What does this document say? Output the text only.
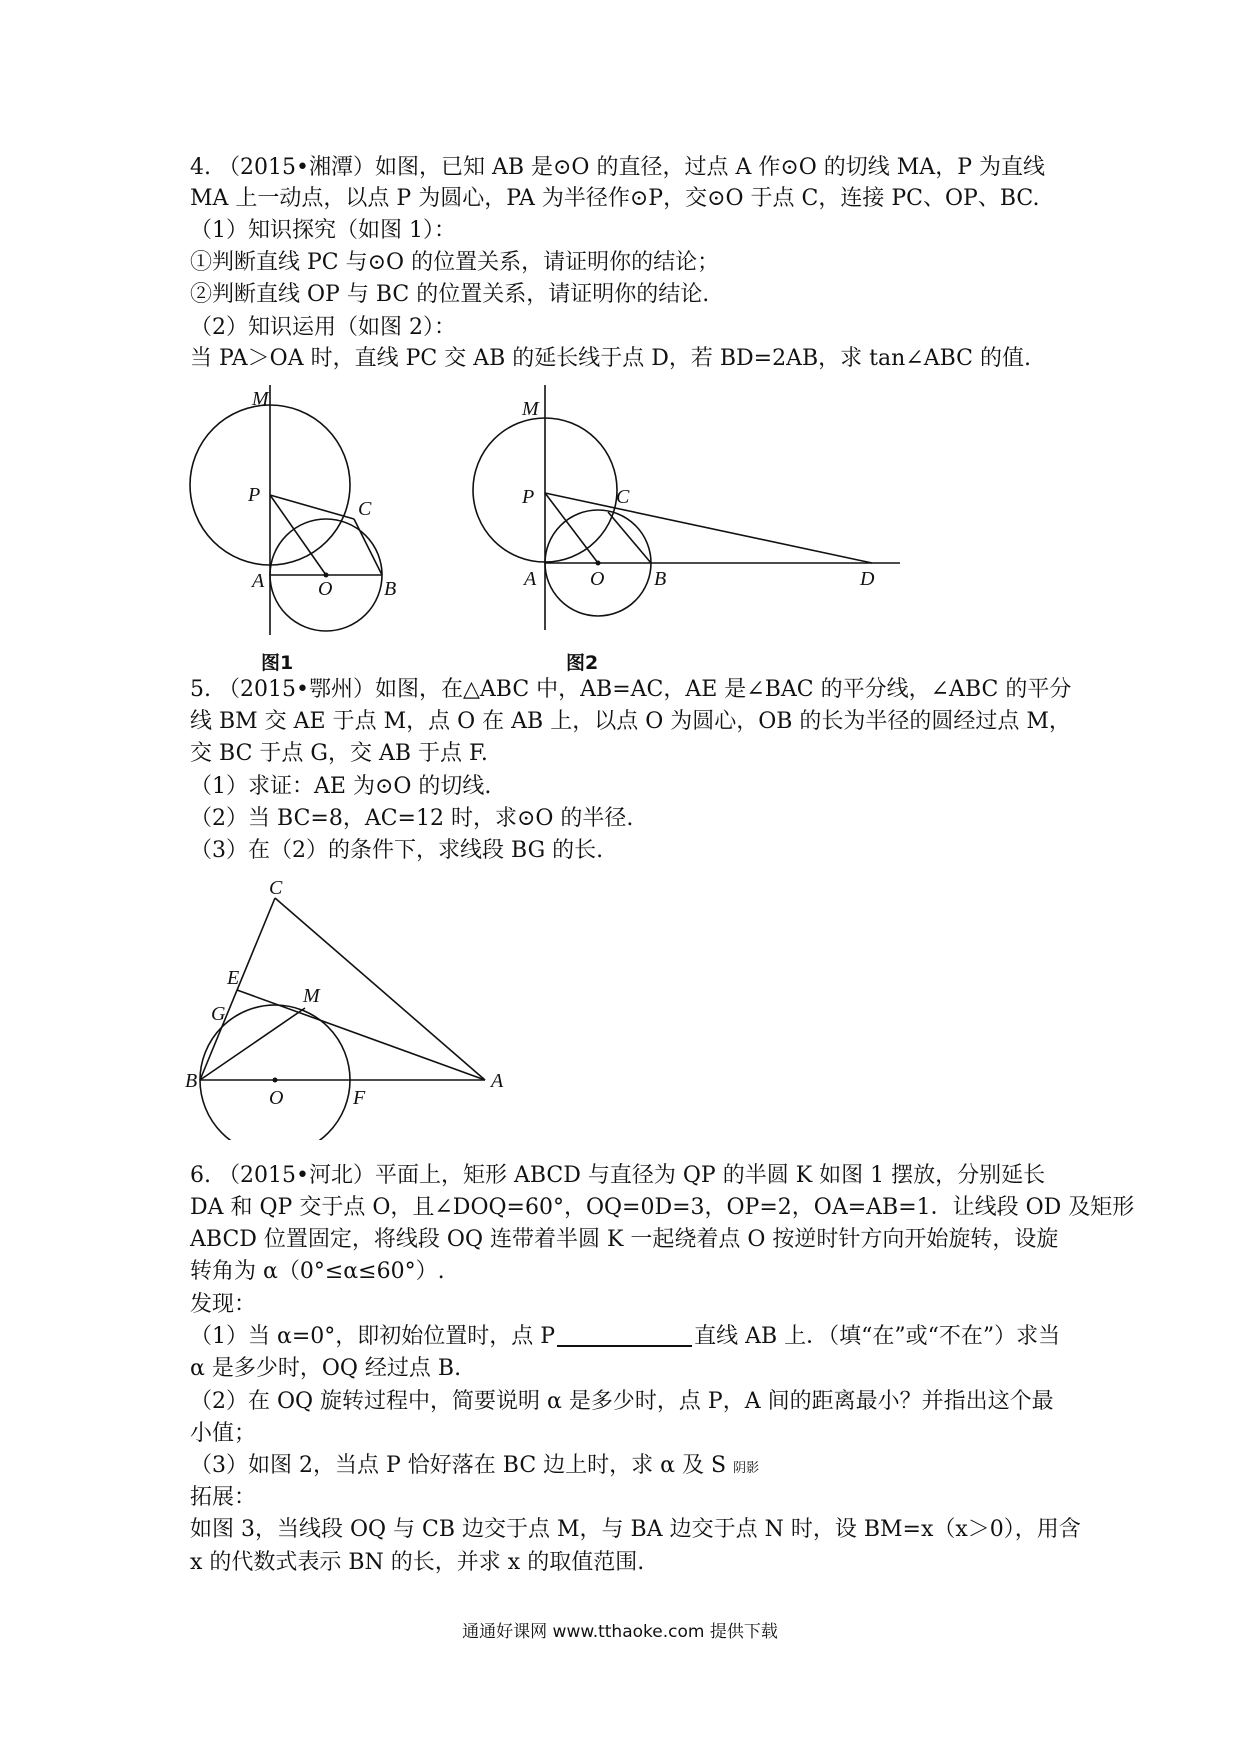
4. （2015•湘潭）如图，已知 AB 是⊙O 的直径，过点 A 作⊙O 的切线 MA，P 为直线
MA 上一动点，以点 P 为圆心，PA 为半径作⊙P，交⊙O 于点 C，连接 PC、OP、BC.
（1）知识探究（如图 1）：
①判断直线 PC 与⊙O 的位置关系，请证明你的结论；
②判断直线 OP 与 BC 的位置关系，请证明你的结论.
（2）知识运用（如图 2）：
当 PA＞OA 时，直线 PC 交 AB 的延长线于点 D，若 BD=2AB，求 tan∠ABC 的值.
M
P
C
A	O	B
图1
M
P	C
A	O B	D
图2
5. （2015•鄂州）如图，在△ABC 中，AB=AC，AE 是∠BAC 的平分线，∠ABC 的平分
线 BM 交 AE 于点 M，点 O 在 AB 上，以点 O 为圆心，OB 的长为半径的圆经过点 M，
交 BC 于点 G，交 AB 于点 F.
（1）求证：AE 为⊙O 的切线.
（2）当 BC=8，AC=12 时，求⊙O 的半径.
（3）在（2）的条件下，求线段 BG 的长.
C
E
M
G
B
O	F
A
6. （2015•河北）平面上，矩形 ABCD 与直径为 QP 的半圆 K 如图 1 摆放，分别延长
DA 和 QP 交于点 O，且∠DOQ=60°，OQ=0D=3，OP=2，OA=AB=1．让线段 OD 及矩形
ABCD 位置固定，将线段 OQ 连带着半圆 K 一起绕着点 O 按逆时针方向开始旋转，设旋
转角为 α（0°≤α≤60°）.
发现：
（1）当 α=0°，即初始位置时，点 P	直线 AB 上．（填“在”或“不在”）求当
α 是多少时，OQ 经过点 B.
（2）在 OQ 旋转过程中，简要说明 α 是多少时，点 P，A 间的距离最小？并指出这个最
小值；
（3）如图 2，当点 P 恰好落在 BC 边上时，求 α 及 S 阴影
拓展：
如图 3，当线段 OQ 与 CB 边交于点 M，与 BA 边交于点 N 时，设 BM=x（x＞0），用含
x 的代数式表示 BN 的长，并求 x 的取值范围.
通通好课网 www.tthaoke.com 提供下载
